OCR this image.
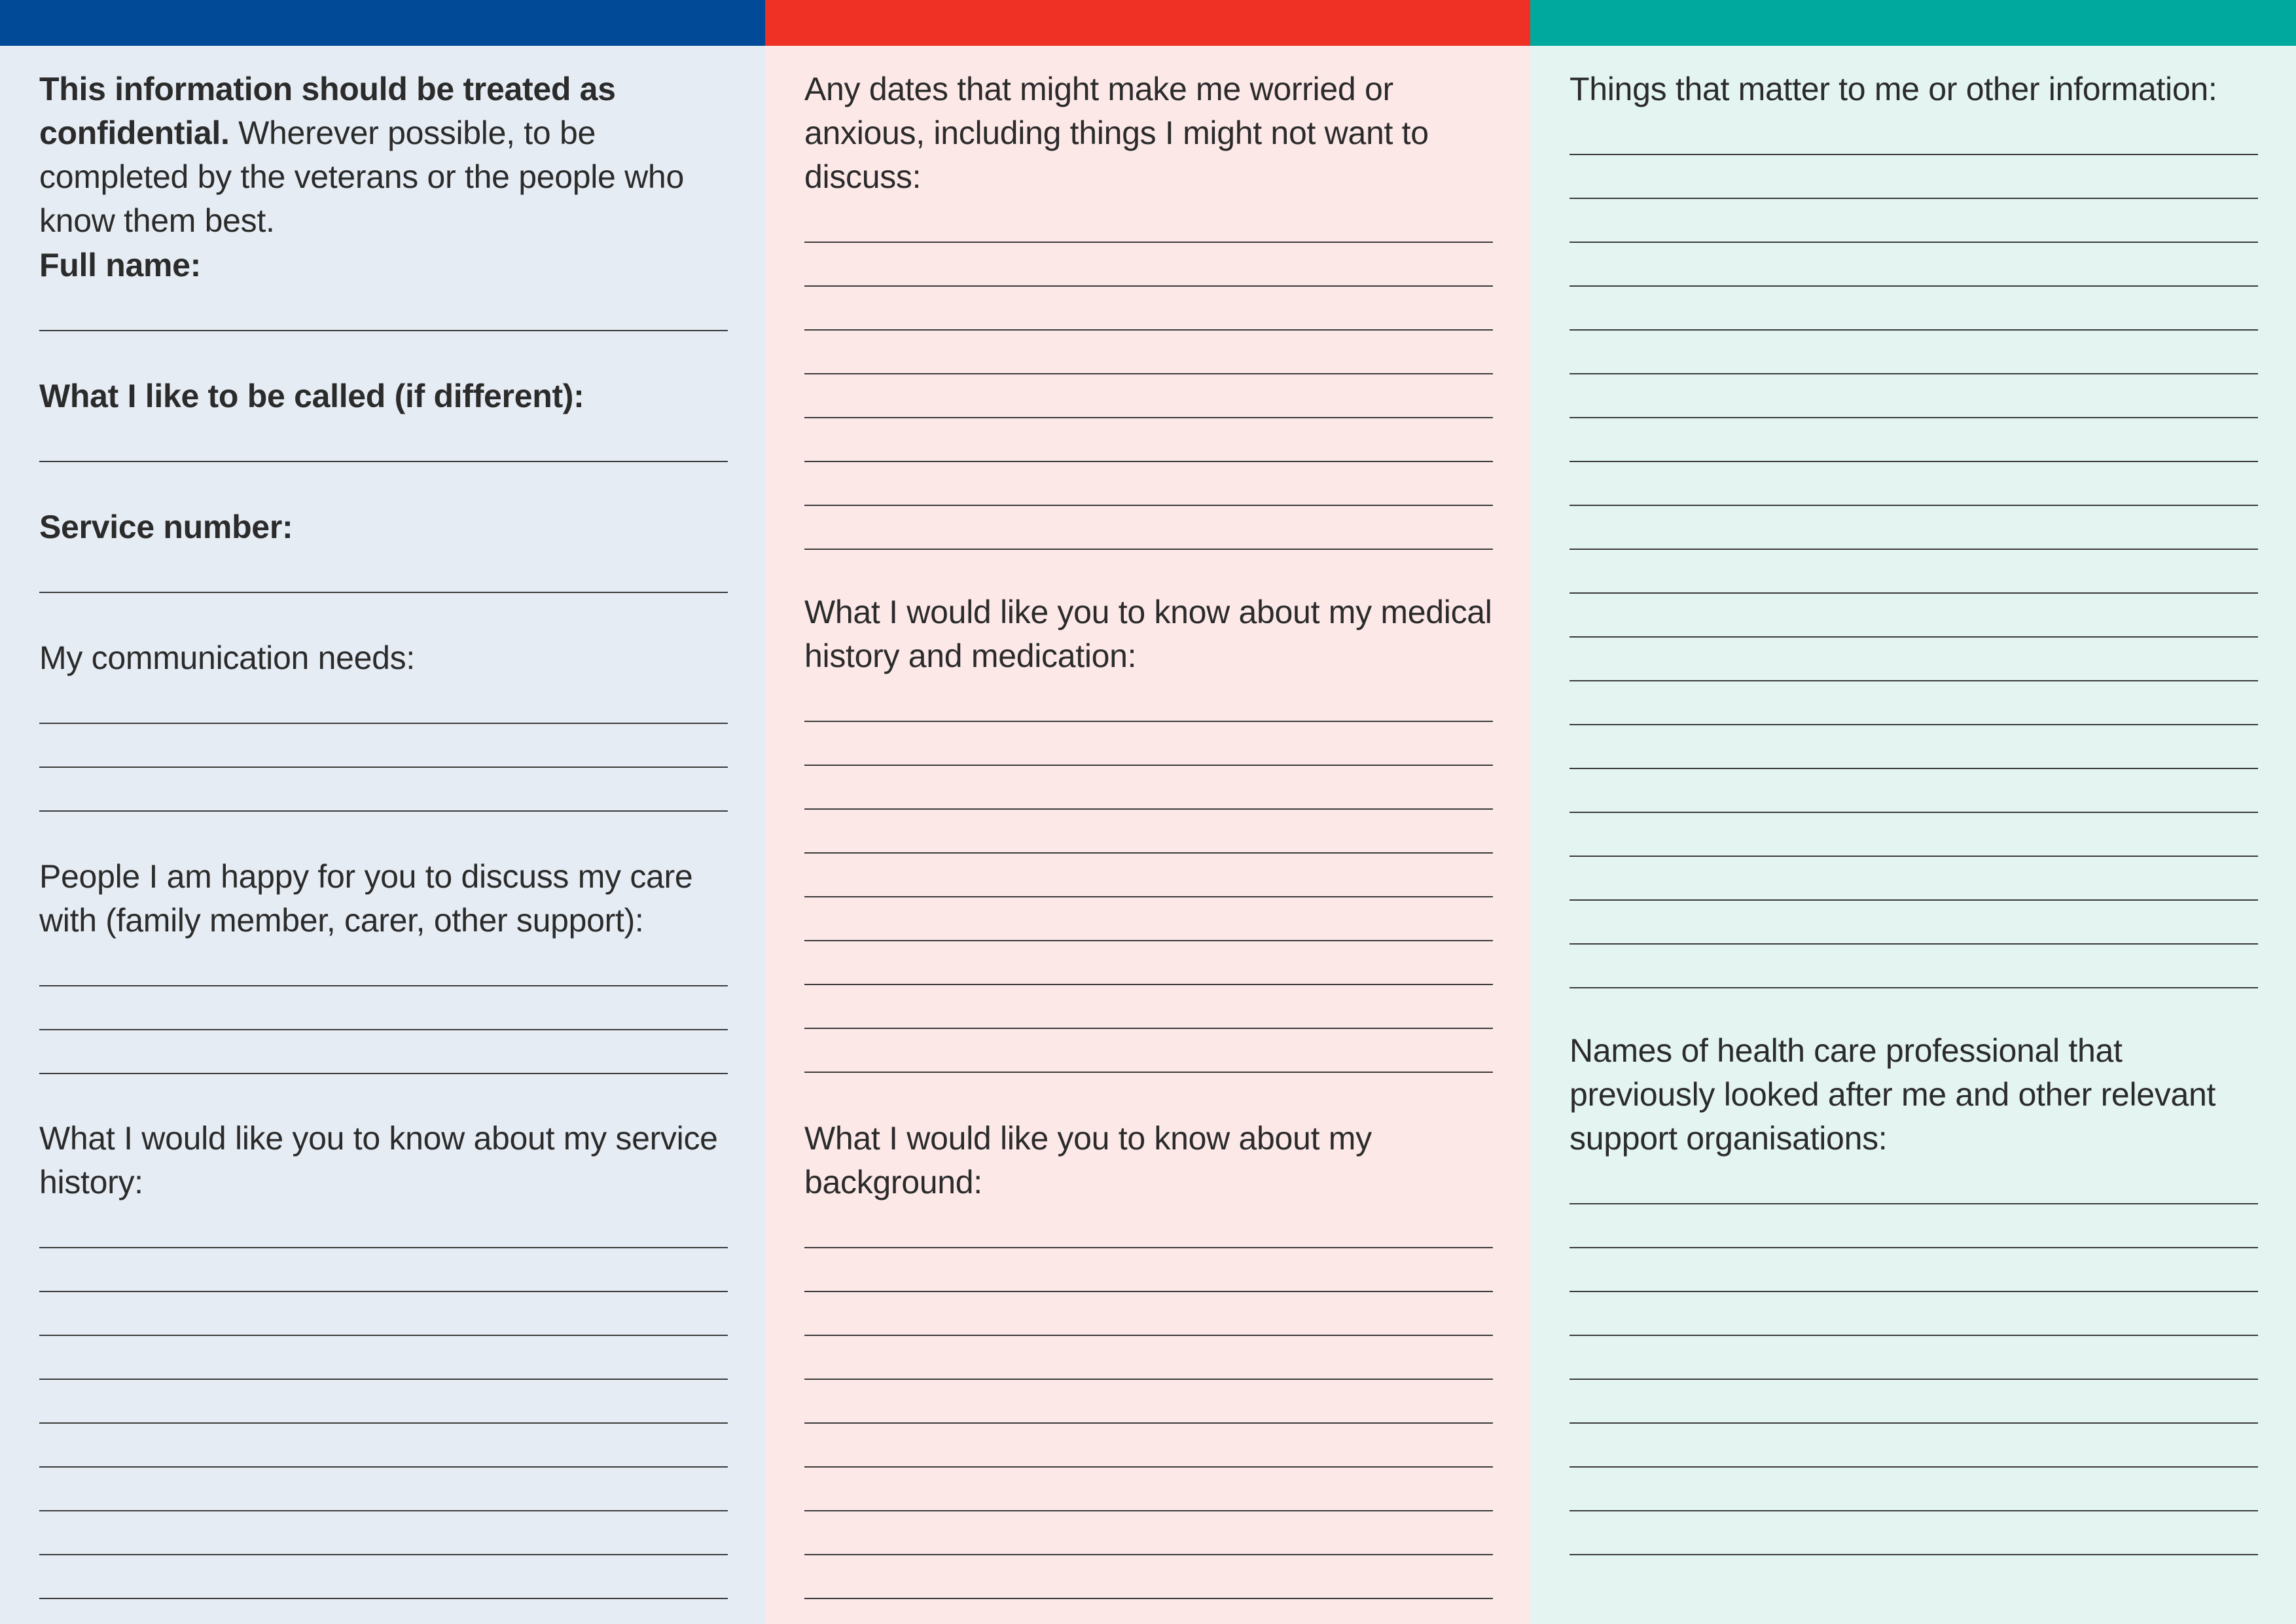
This information should be treated as confidential. Wherever possible, to be completed by the veterans or the people who know them best.

Full name:

What I like to be called (if different):

Service number:

My communication needs:

People I am happy for you to discuss my care with (family member, carer, other support):

What I would like you to know about my service history:

Any dates that might make me worried or anxious, including things I might not want to discuss:

What I would like you to know about my medical history and medication:

What I would like you to know about my background:

Things that matter to me or other information:

Names of health care professional that previously looked after me and other relevant support organisations:
